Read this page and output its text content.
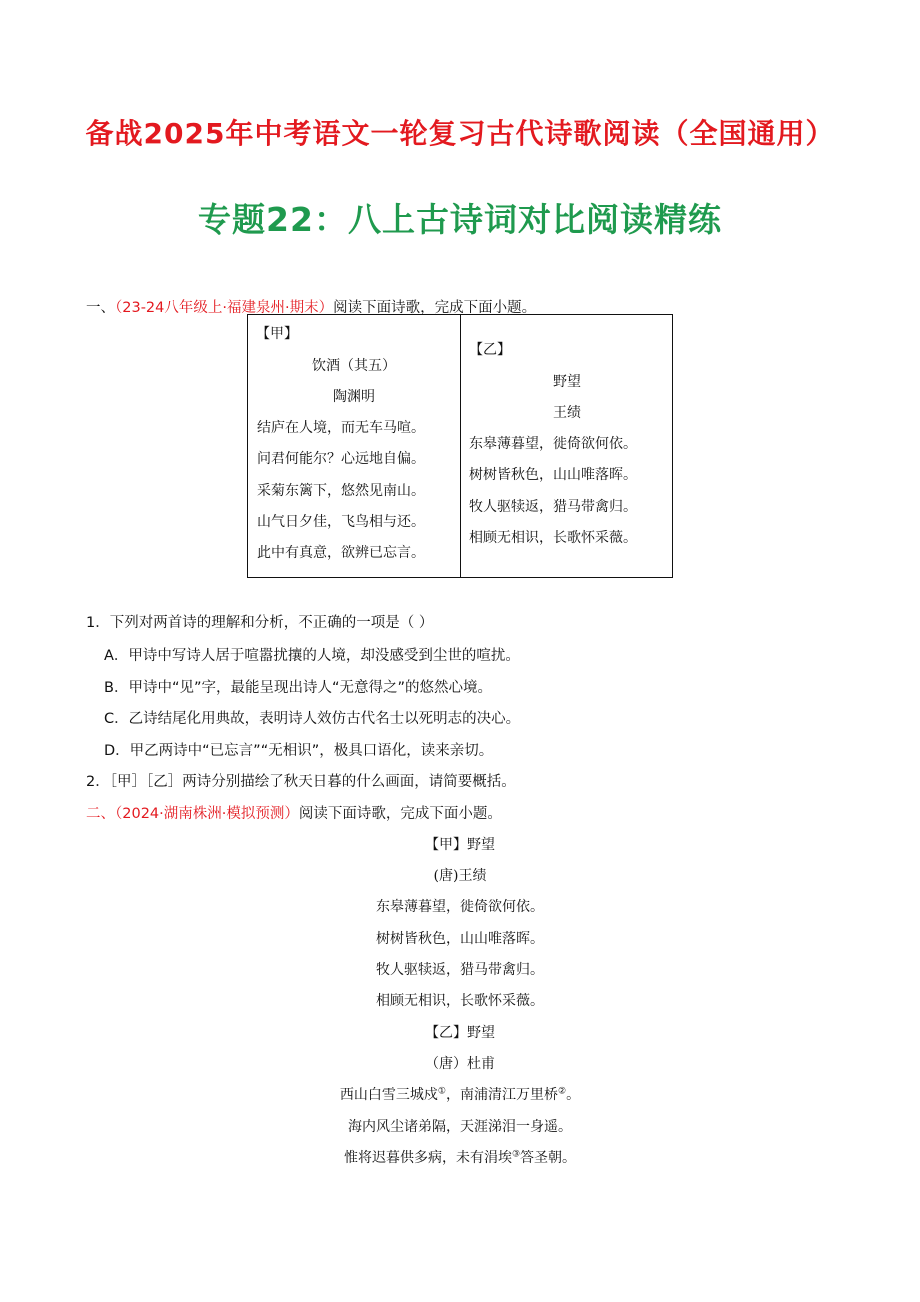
备战2025年中考语文一轮复习古代诗歌阅读（全国通用）
专题22：八上古诗词对比阅读精练
一、（23-24八年级上·福建泉州·期末）阅读下面诗歌，完成下面小题。
【甲】
饮酒（其五）
陶渊明
结庐在人境，而无车马喧。
问君何能尔？心远地自偏。
采菊东篱下，悠然见南山。
山气日夕佳，飞鸟相与还。
此中有真意，欲辨已忘言。
【乙】
野望
王绩
东皋薄暮望，徙倚欲何依。
树树皆秋色，山山唯落晖。
牧人驱犊返，猎马带禽归。
相顾无相识，长歌怀采薇。
1．下列对两首诗的理解和分析，不正确的一项是（ ）
A．甲诗中写诗人居于喧嚣扰攘的人境，却没感受到尘世的喧扰。
B．甲诗中“见”字，最能呈现出诗人“无意得之”的悠然心境。
C．乙诗结尾化用典故，表明诗人效仿古代名士以死明志的决心。
D．甲乙两诗中“已忘言”“无相识”，极具口语化，读来亲切。
2．［甲］［乙］两诗分别描绘了秋天日暮的什么画面，请简要概括。
二、（2024·湖南株洲·模拟预测）阅读下面诗歌，完成下面小题。
【甲】野望
(唐)王绩
东皋薄暮望，徙倚欲何依。
树树皆秋色，山山唯落晖。
牧人驱犊返，猎马带禽归。
相顾无相识，长歌怀采薇。
【乙】野望
（唐）杜甫
西山白雪三城戍①，南浦清江万里桥②。
海内风尘诸弟隔，天涯涕泪一身遥。
惟将迟暮供多病，未有涓埃③答圣朝。
